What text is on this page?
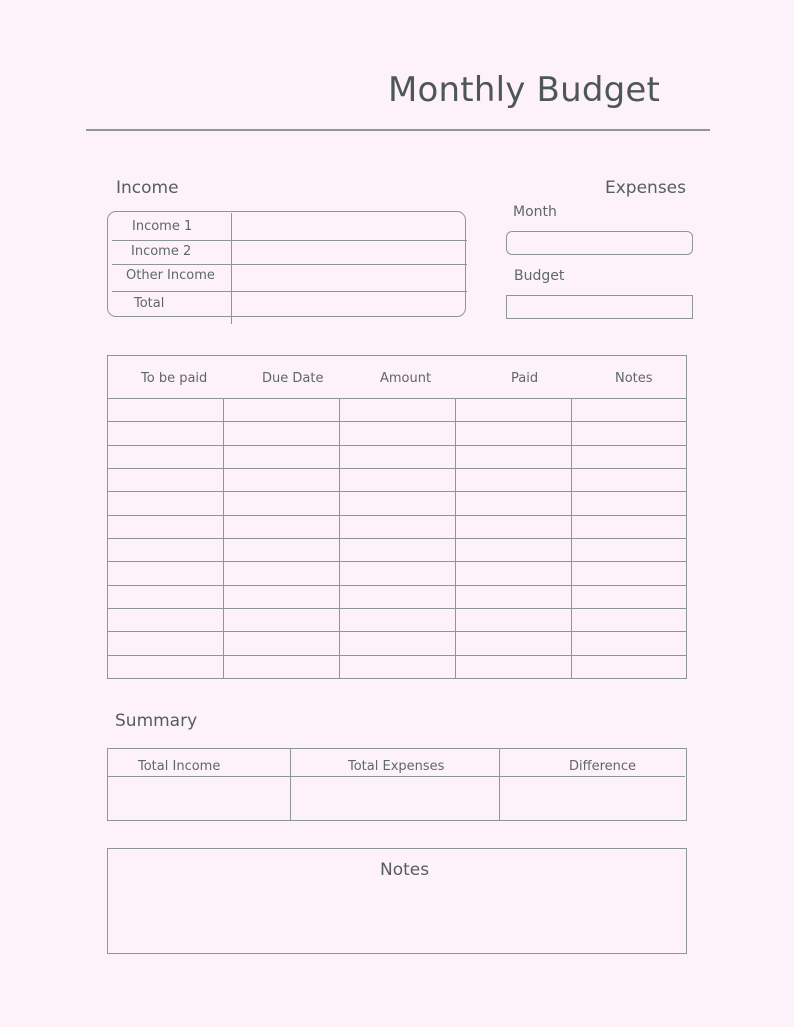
Monthly Budget
Income
Income 1
Income 2
Other Income
Total
Expenses
Month
Budget
To be paid	Due Date	Amount	Paid	Notes
Summary
Total Income	Total Expenses	Difference
Notes
